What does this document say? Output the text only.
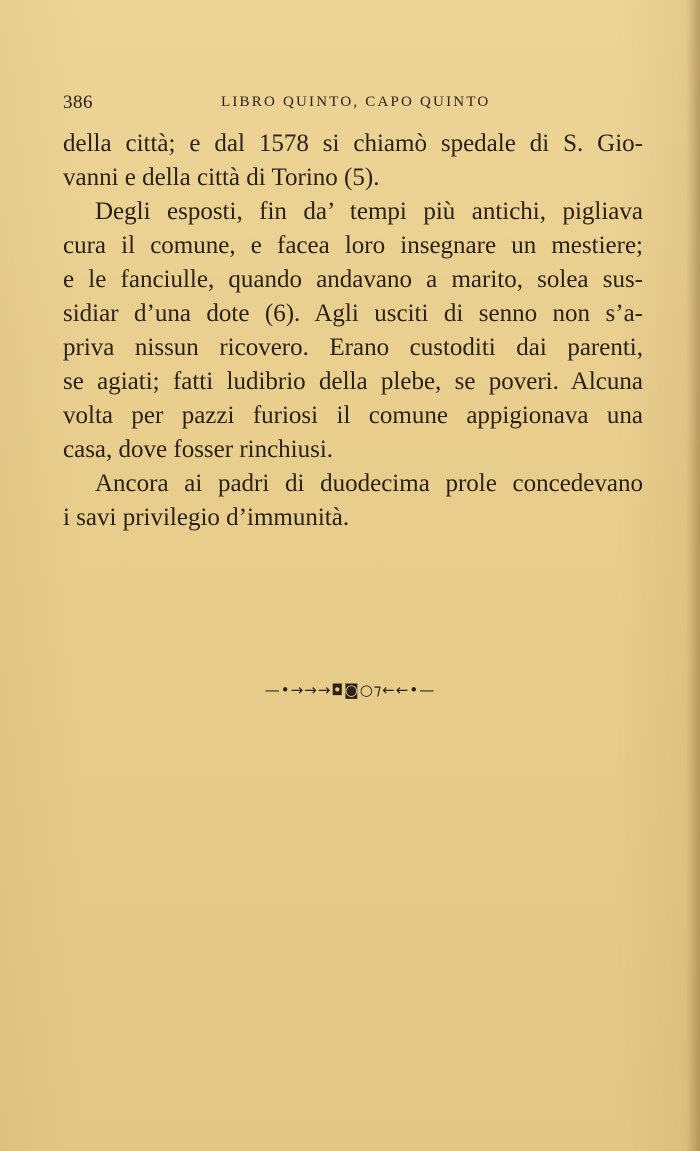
386	LIBRO QUINTO, CAPO QUINTO
della città; e dal 1578 si chiamò spedale di S. Gio-
vanni e della città di Torino (5).
Degli esposti, fin da’ tempi più antichi, pigliava
cura il comune, e facea loro insegnare un mestiere;
e le fanciulle, quando andavano a marito, solea sus-
sidiar d’una dote (6). Agli usciti di senno non s’a-
priva nissun ricovero. Erano custoditi dai parenti,
se agiati; fatti ludibrio della plebe, se poveri. Alcuna
volta per pazzi furiosi il comune appigionava una
casa, dove fosser rinchiusi.
Ancora ai padri di duodecima prole concedevano
i savi privilegio d’immunità.
—•→→→◘◙○⁊←←•—
